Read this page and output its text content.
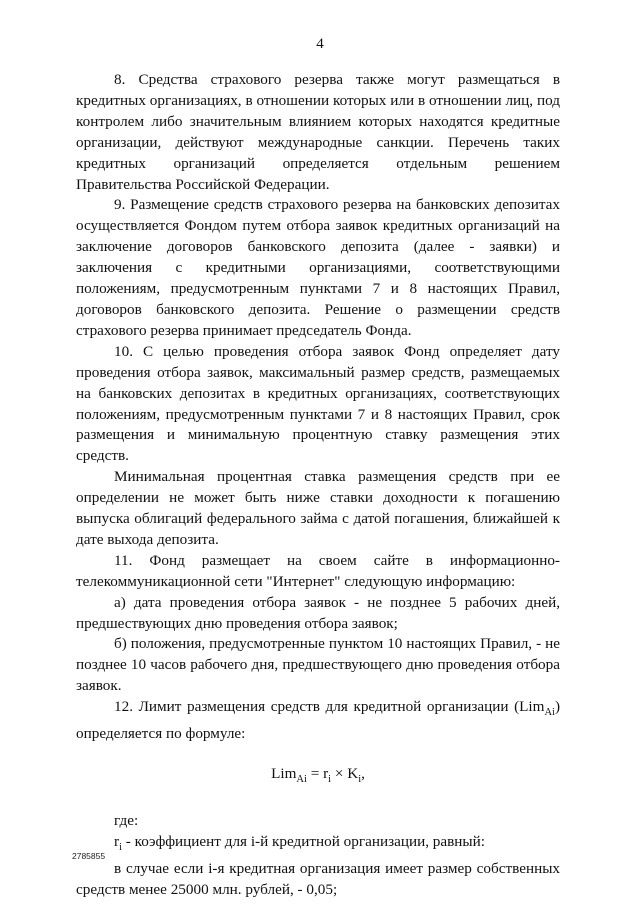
4

8. Средства страхового резерва также могут размещаться в кредитных организациях, в отношении которых или в отношении лиц, под контролем либо значительным влиянием которых находятся кредитные организации, действуют международные санкции. Перечень таких кредитных организаций определяется отдельным решением Правительства Российской Федерации.

9. Размещение средств страхового резерва на банковских депозитах осуществляется Фондом путем отбора заявок кредитных организаций на заключение договоров банковского депозита (далее - заявки) и заключения с кредитными организациями, соответствующими положениям, предусмотренным пунктами 7 и 8 настоящих Правил, договоров банковского депозита. Решение о размещении средств страхового резерва принимает председатель Фонда.

10. С целью проведения отбора заявок Фонд определяет дату проведения отбора заявок, максимальный размер средств, размещаемых на банковских депозитах в кредитных организациях, соответствующих положениям, предусмотренным пунктами 7 и 8 настоящих Правил, срок размещения и минимальную процентную ставку размещения этих средств.

Минимальная процентная ставка размещения средств при ее определении не может быть ниже ставки доходности к погашению выпуска облигаций федерального займа с датой погашения, ближайшей к дате выхода депозита.

11. Фонд размещает на своем сайте в информационно-телекоммуникационной сети "Интернет" следующую информацию:

а) дата проведения отбора заявок - не позднее 5 рабочих дней, предшествующих дню проведения отбора заявок;

б) положения, предусмотренные пунктом 10 настоящих Правил, - не позднее 10 часов рабочего дня, предшествующего дню проведения отбора заявок.

12. Лимит размещения средств для кредитной организации (Lim$_{Ai}$) определяется по формуле:

$Lim_{Ai} = r_i \times K_i$,

где:

$r_i$ - коэффициент для i-й кредитной организации, равный:

в случае если i-я кредитная организация имеет размер собственных средств менее 25000 млн. рублей, - 0,05;

2785855
